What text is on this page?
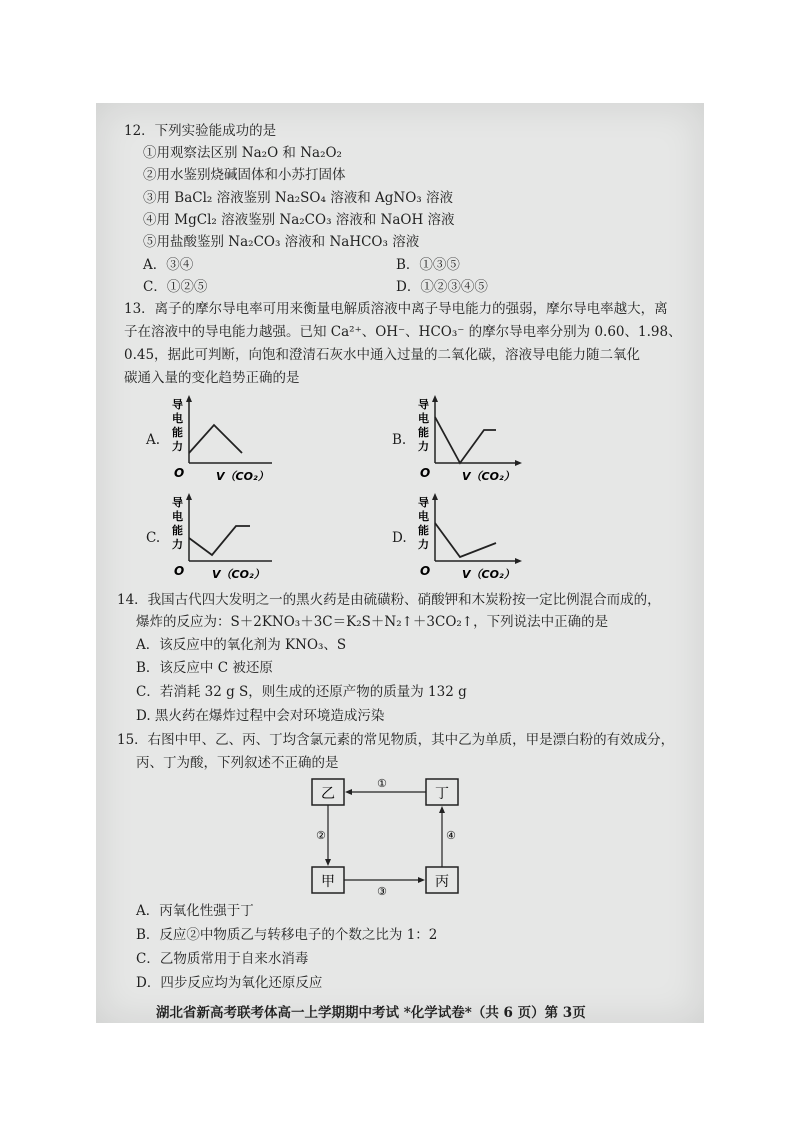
12．下列实验能成功的是
①用观察法区别 Na₂O 和 Na₂O₂
②用水鉴别烧碱固体和小苏打固体
③用 BaCl₂ 溶液鉴别 Na₂SO₄ 溶液和 AgNO₃ 溶液
④用 MgCl₂ 溶液鉴别 Na₂CO₃ 溶液和 NaOH 溶液
⑤用盐酸鉴别 Na₂CO₃ 溶液和 NaHCO₃ 溶液
A．③④	B．①③⑤
C．①②⑤	D．①②③④⑤
13．离子的摩尔导电率可用来衡量电解质溶液中离子导电能力的强弱，摩尔导电率越大，离
子在溶液中的导电能力越强。已知 Ca²⁺、OH⁻、HCO₃⁻ 的摩尔导电率分别为 0.60、1.98、
0.45，据此可判断，向饱和澄清石灰水中通入过量的二氧化碳，溶液导电能力随二氧化
碳通入量的变化趋势正确的是
A.
导
电
能
力
O	V（CO₂）
B.
导
电
能
力
O	V（CO₂）
C.
导
电
能
力
O	V（CO₂）
D.
导
电
能
力
O	V（CO₂）
14．我国古代四大发明之一的黑火药是由硫磺粉、硝酸钾和木炭粉按一定比例混合而成的，
爆炸的反应为：S＋2KNO₃＋3C＝K₂S＋N₂↑＋3CO₂↑，下列说法中正确的是
A．该反应中的氧化剂为 KNO₃、S
B．该反应中 C 被还原
C．若消耗 32 g S，则生成的还原产物的质量为 132 g
D. 黑火药在爆炸过程中会对环境造成污染
15．右图中甲、乙、丙、丁均含氯元素的常见物质，其中乙为单质，甲是漂白粉的有效成分，
丙、丁为酸，下列叙述不正确的是
乙	丁
甲	丙
①
②
③
④
A．丙氧化性强于丁
B．反应②中物质乙与转移电子的个数之比为 1：2
C．乙物质常用于自来水消毒
D．四步反应均为氧化还原反应
湖北省新高考联考体高一上学期期中考试 *化学试卷*（共 6 页）第 3页
